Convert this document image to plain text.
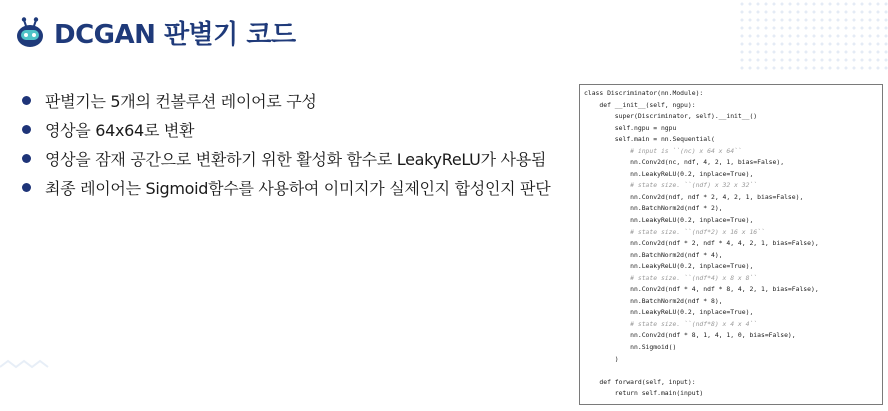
DCGAN 판별기 코드
판별기는 5개의 컨볼루션 레이어로 구성
영상을 64x64로 변환
영상을 잠재 공간으로 변환하기 위한 활성화 함수로 LeakyReLU가 사용됨
최종 레이어는 Sigmoid함수를 사용하여 이미지가 실제인지 합성인지 판단
class Discriminator(nn.Module):
def __init__(self, ngpu):
super(Discriminator, self).__init__()
self.ngpu = ngpu
self.main = nn.Sequential(
# input is ``(nc) x 64 x 64``
nn.Conv2d(nc, ndf, 4, 2, 1, bias=False),
nn.LeakyReLU(0.2, inplace=True),
# state size. ``(ndf) x 32 x 32``
nn.Conv2d(ndf, ndf * 2, 4, 2, 1, bias=False),
nn.BatchNorm2d(ndf * 2),
nn.LeakyReLU(0.2, inplace=True),
# state size. ``(ndf*2) x 16 x 16``
nn.Conv2d(ndf * 2, ndf * 4, 4, 2, 1, bias=False),
nn.BatchNorm2d(ndf * 4),
nn.LeakyReLU(0.2, inplace=True),
# state size. ``(ndf*4) x 8 x 8``
nn.Conv2d(ndf * 4, ndf * 8, 4, 2, 1, bias=False),
nn.BatchNorm2d(ndf * 8),
nn.LeakyReLU(0.2, inplace=True),
# state size. ``(ndf*8) x 4 x 4``
nn.Conv2d(ndf * 8, 1, 4, 1, 0, bias=False),
nn.Sigmoid()
)
def forward(self, input):
return self.main(input)
